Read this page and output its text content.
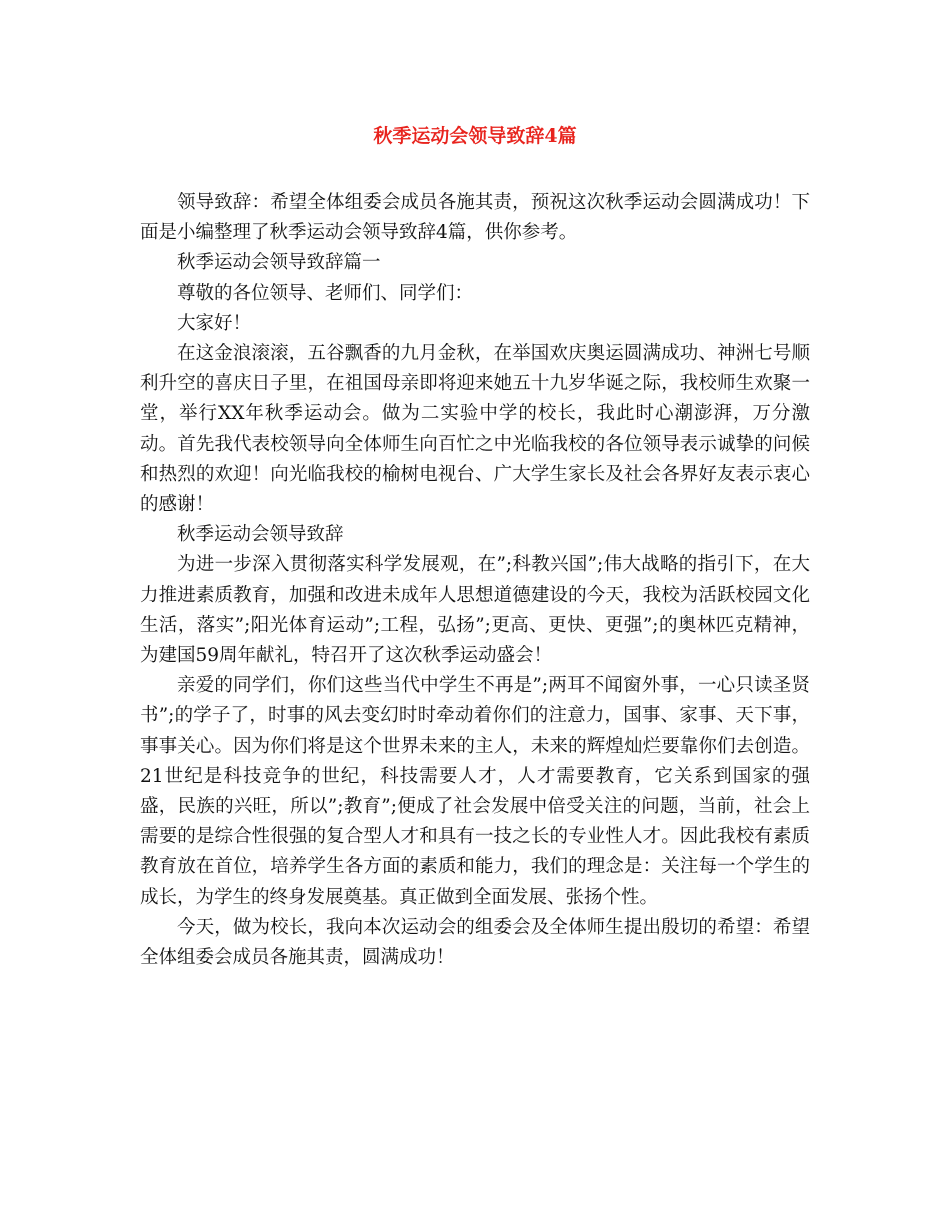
秋季运动会领导致辞4篇

领导致辞：希望全体组委会成员各施其责，预祝这次秋季运动会圆满成功！下面是小编整理了秋季运动会领导致辞4篇，供你参考。

秋季运动会领导致辞篇一

尊敬的各位领导、老师们、同学们：

大家好！

在这金浪滚滚，五谷飘香的九月金秋，在举国欢庆奥运圆满成功、神洲七号顺利升空的喜庆日子里，在祖国母亲即将迎来她五十九岁华诞之际，我校师生欢聚一堂，举行XX年秋季运动会。做为二实验中学的校长，我此时心潮澎湃，万分激动。首先我代表校领导向全体师生向百忙之中光临我校的各位领导表示诚挚的问候和热烈的欢迎！向光临我校的榆树电视台、广大学生家长及社会各界好友表示衷心的感谢！

秋季运动会领导致辞

为进一步深入贯彻落实科学发展观，在”;科教兴国”;伟大战略的指引下，在大力推进素质教育，加强和改进未成年人思想道德建设的今天，我校为活跃校园文化生活，落实”;阳光体育运动”;工程，弘扬”;更高、更快、更强”;的奥林匹克精神，为建国59周年献礼，特召开了这次秋季运动盛会！

亲爱的同学们，你们这些当代中学生不再是”;两耳不闻窗外事，一心只读圣贤书”;的学子了，时事的风去变幻时时牵动着你们的注意力，国事、家事、天下事，事事关心。因为你们将是这个世界未来的主人，未来的辉煌灿烂要靠你们去创造。21世纪是科技竞争的世纪，科技需要人才，人才需要教育，它关系到国家的强盛，民族的兴旺，所以”;教育”;便成了社会发展中倍受关注的问题，当前，社会上需要的是综合性很强的复合型人才和具有一技之长的专业性人才。因此我校有素质教育放在首位，培养学生各方面的素质和能力，我们的理念是：关注每一个学生的成长，为学生的终身发展奠基。真正做到全面发展、张扬个性。

今天，做为校长，我向本次运动会的组委会及全体师生提出殷切的希望：希望全体组委会成员各施其责，圆满成功！
